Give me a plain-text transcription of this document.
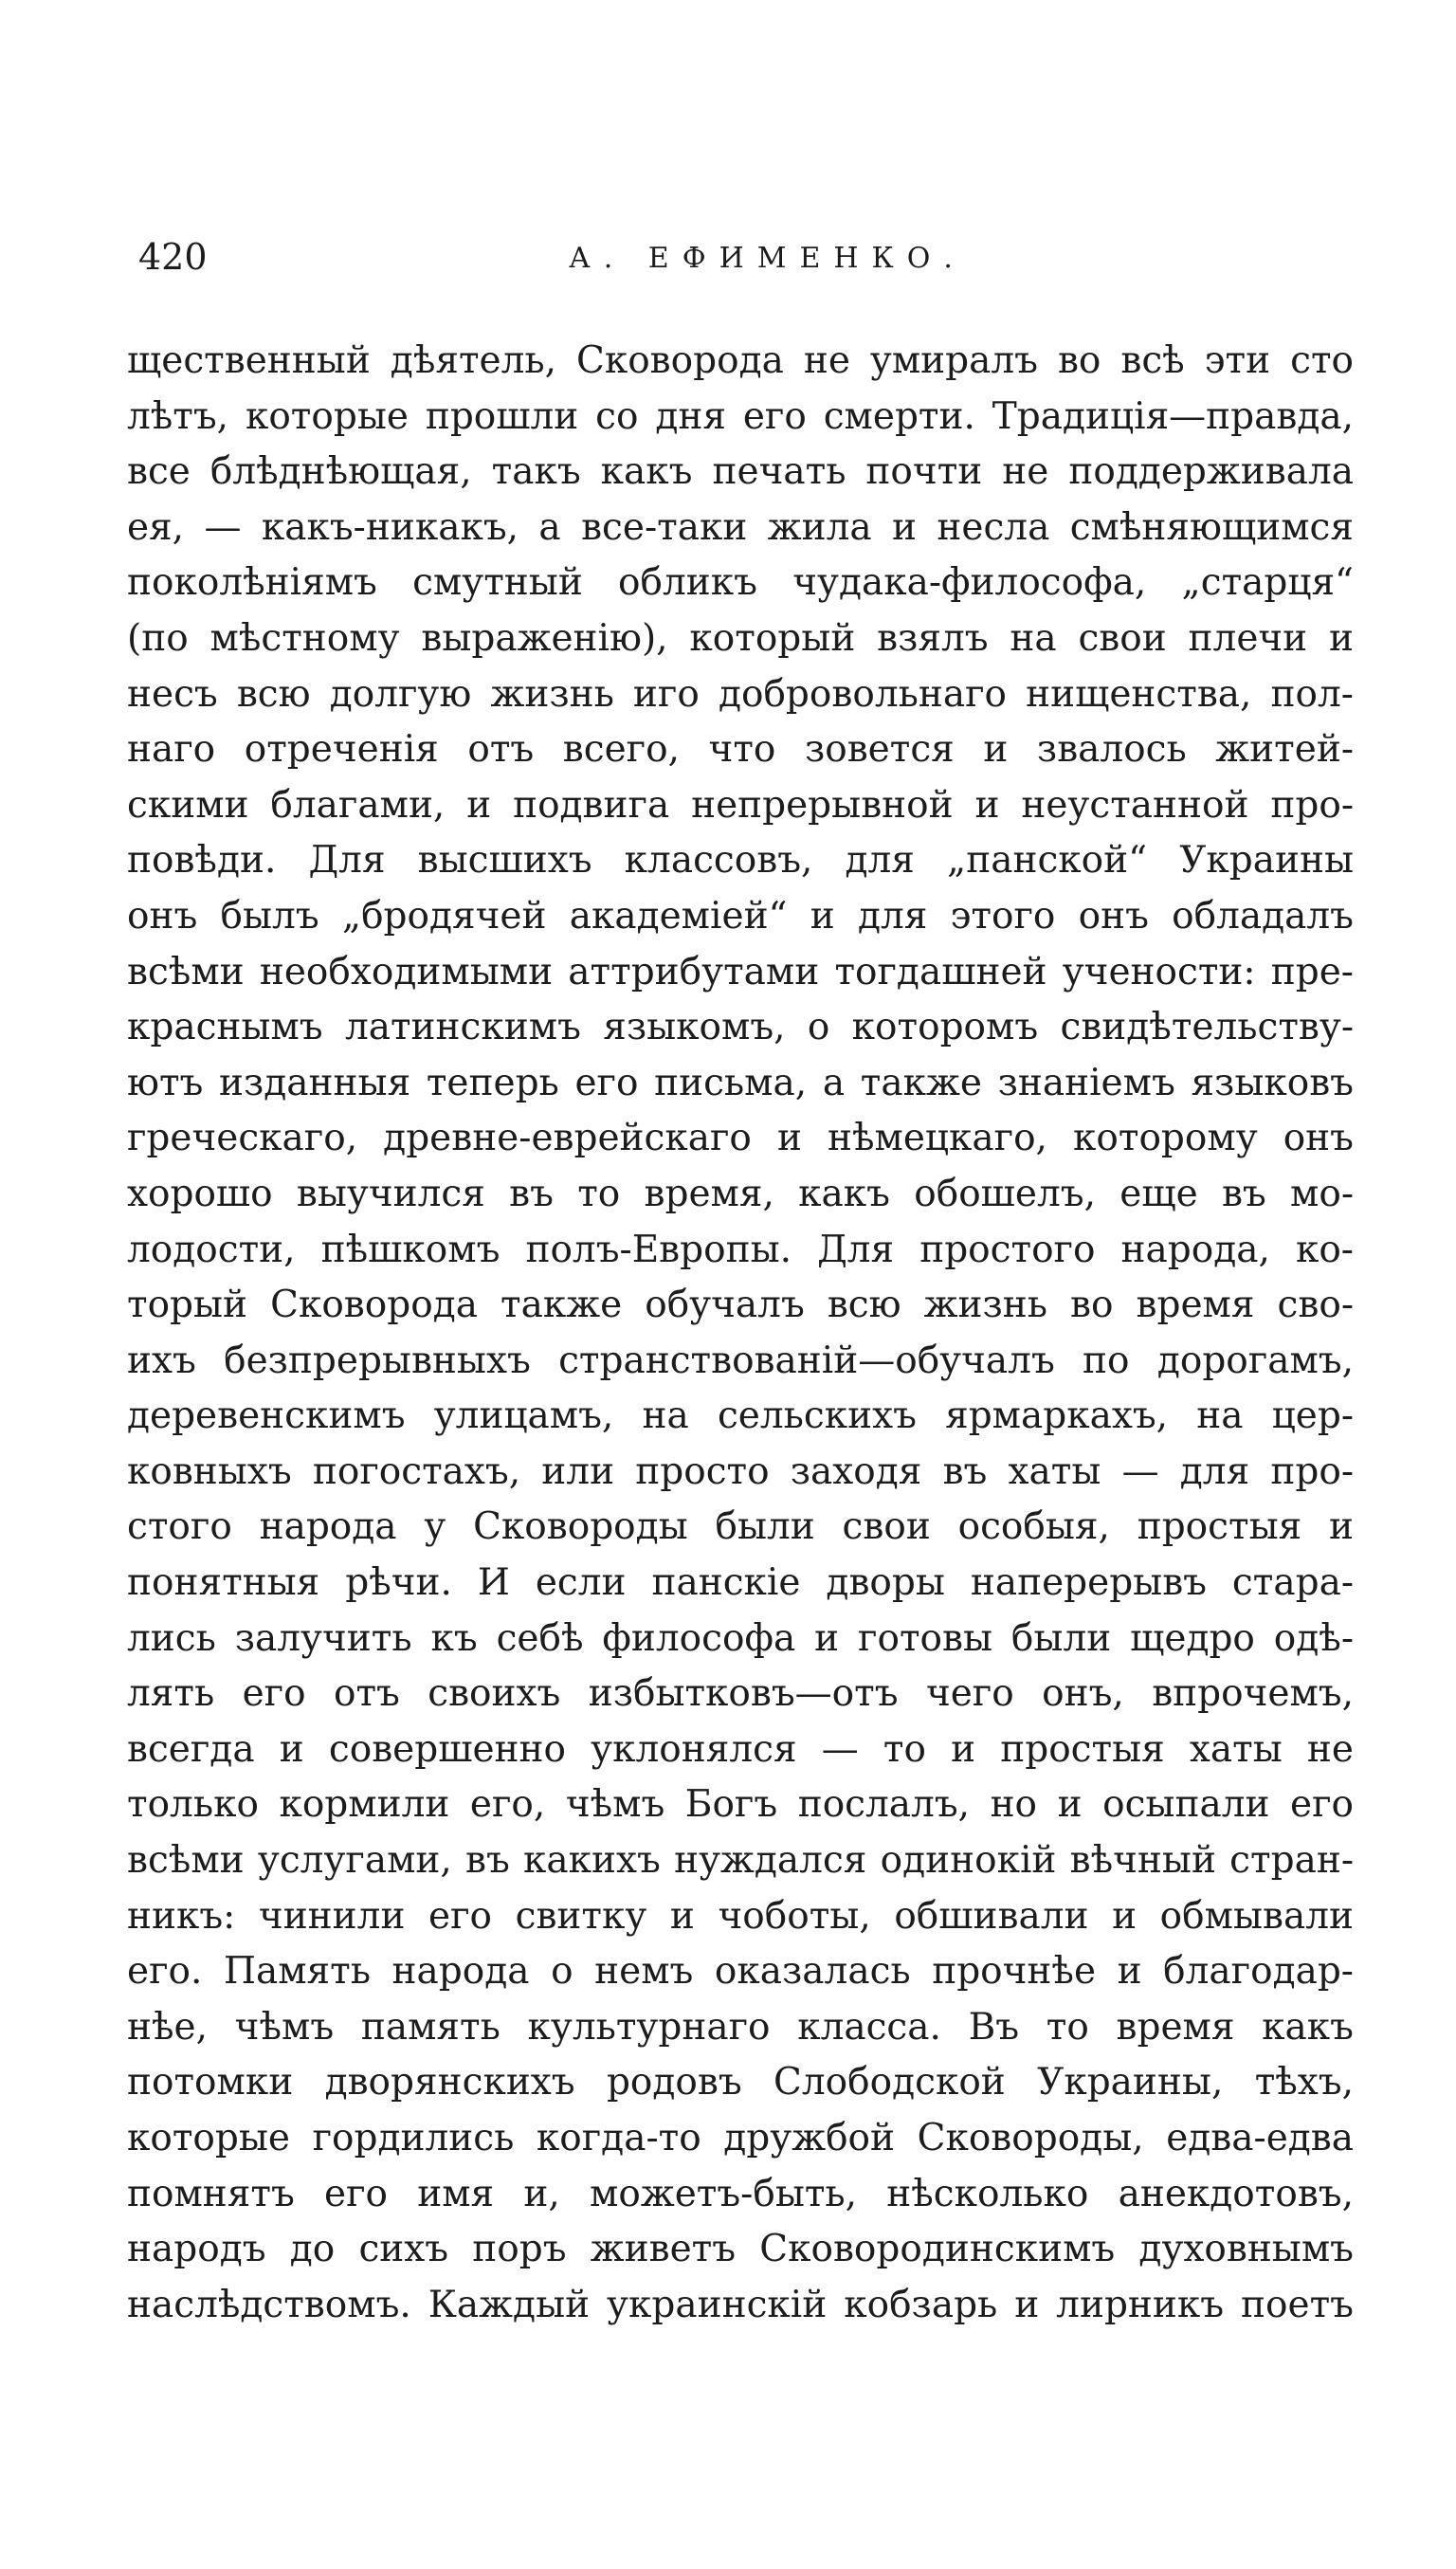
420	А. ЕФИМЕНКО.
щественный дѣятель, Сковорода не умиралъ во всѣ эти сто
лѣтъ, которые прошли со дня его смерти. Традиція—правда,
все блѣднѣющая, такъ какъ печать почти не поддерживала
ея, — какъ-никакъ, а все-таки жила и несла смѣняющимся
поколѣніямъ смутный обликъ чудака-философа, „старця“
(по мѣстному выраженію), который взялъ на свои плечи и
несъ всю долгую жизнь иго добровольнаго нищенства, пол-
наго отреченія отъ всего, что зовется и звалось житей-
скими благами, и подвига непрерывной и неустанной про-
повѣди. Для высшихъ классовъ, для „панской“ Украины
онъ былъ „бродячей академіей“ и для этого онъ обладалъ
всѣми необходимыми аттрибутами тогдашней учености: пре-
краснымъ латинскимъ языкомъ, о которомъ свидѣтельству-
ютъ изданныя теперь его письма, а также знаніемъ языковъ
греческаго, древне-еврейскаго и нѣмецкаго, которому онъ
хорошо выучился въ то время, какъ обошелъ, еще въ мо-
лодости, пѣшкомъ полъ-Европы. Для простого народа, ко-
торый Сковорода также обучалъ всю жизнь во время сво-
ихъ безпрерывныхъ странствованій—обучалъ по дорогамъ,
деревенскимъ улицамъ, на сельскихъ ярмаркахъ, на цер-
ковныхъ погостахъ, или просто заходя въ хаты — для про-
стого народа у Сковороды были свои особыя, простыя и
понятныя рѣчи. И если панскіе дворы наперерывъ стара-
лись залучить къ себѣ философа и готовы были щедро одѣ-
лять его отъ своихъ избытковъ—отъ чего онъ, впрочемъ,
всегда и совершенно уклонялся — то и простыя хаты не
только кормили его, чѣмъ Богъ послалъ, но и осыпали его
всѣми услугами, въ какихъ нуждался одинокій вѣчный стран-
никъ: чинили его свитку и чоботы, обшивали и обмывали
его. Память народа о немъ оказалась прочнѣе и благодар-
нѣе, чѣмъ память культурнаго класса. Въ то время какъ
потомки дворянскихъ родовъ Слободской Украины, тѣхъ,
которые гордились когда-то дружбой Сковороды, едва-едва
помнятъ его имя и, можетъ-быть, нѣсколько анекдотовъ,
народъ до сихъ поръ живетъ Сковородинскимъ духовнымъ
наслѣдствомъ. Каждый украинскій кобзарь и лирникъ поетъ
